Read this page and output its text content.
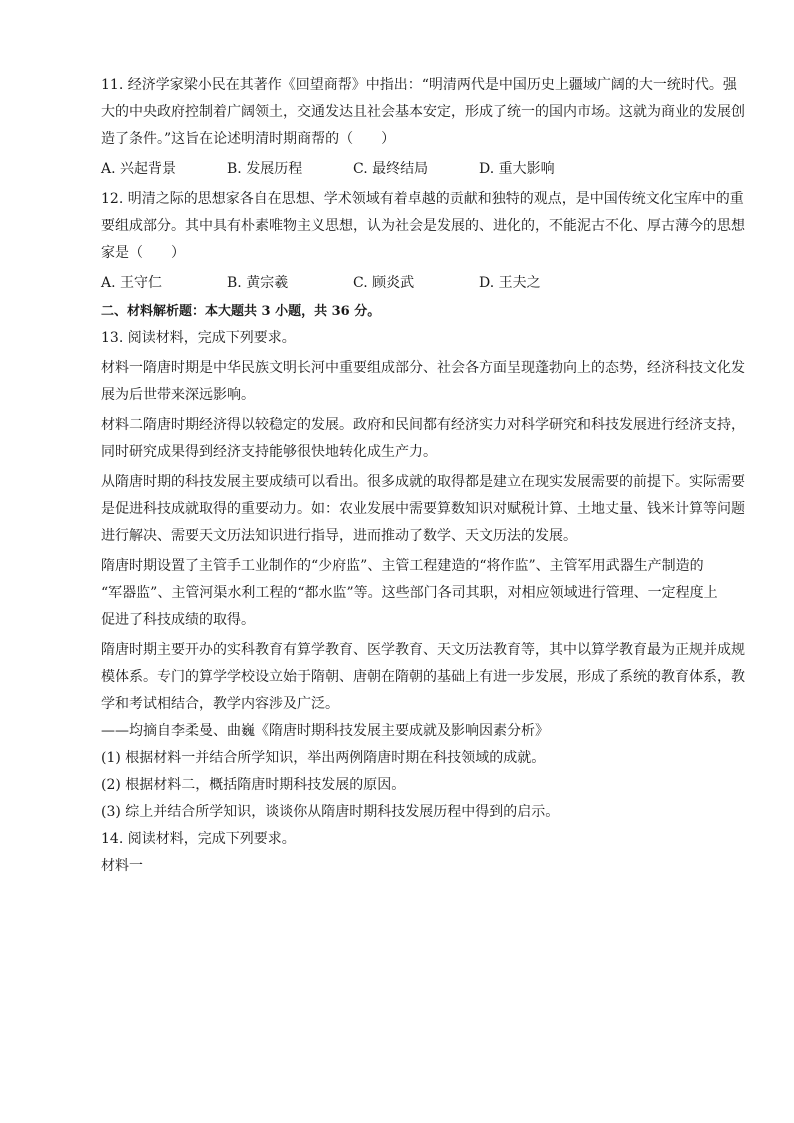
11. 经济学家梁小民在其著作《回望商帮》中指出：“明清两代是中国历史上疆域广阔的大一统时代。强
大的中央政府控制着广阔领土，交通发达且社会基本安定，形成了统一的国内市场。这就为商业的发展创
造了条件。”这旨在论述明清时期商帮的（　　）
A. 兴起背景	B. 发展历程	C. 最终结局	D. 重大影响
12. 明清之际的思想家各自在思想、学术领域有着卓越的贡献和独特的观点，是中国传统文化宝库中的重
要组成部分。其中具有朴素唯物主义思想，认为社会是发展的、进化的，不能泥古不化、厚古薄今的思想
家是（　　）
A. 王守仁	B. 黄宗羲	C. 顾炎武	D. 王夫之
二、材料解析题：本大题共 3 小题，共 36 分。
13. 阅读材料，完成下列要求。
材料一隋唐时期是中华民族文明长河中重要组成部分、社会各方面呈现蓬勃向上的态势，经济科技文化发
展为后世带来深远影响。
材料二隋唐时期经济得以较稳定的发展。政府和民间都有经济实力对科学研究和科技发展进行经济支持，
同时研究成果得到经济支持能够很快地转化成生产力。
从隋唐时期的科技发展主要成绩可以看出。很多成就的取得都是建立在现实发展需要的前提下。实际需要
是促进科技成就取得的重要动力。如：农业发展中需要算数知识对赋税计算、土地丈量、钱米计算等问题
进行解决、需要天文历法知识进行指导，进而推动了数学、天文历法的发展。
隋唐时期设置了主管手工业制作的“少府监”、主管工程建造的“将作监”、主管军用武器生产制造的
“军器监”、主管河渠水利工程的“都水监”等。这些部门各司其职，对相应领域进行管理、一定程度上
促进了科技成绩的取得。
隋唐时期主要开办的实科教育有算学教育、医学教育、天文历法教育等，其中以算学教育最为正规并成规
模体系。专门的算学学校设立始于隋朝、唐朝在隋朝的基础上有进一步发展，形成了系统的教育体系，教
学和考试相结合，教学内容涉及广泛。
——均摘自李柔曼、曲巍《隋唐时期科技发展主要成就及影响因素分析》
(1) 根据材料一并结合所学知识，举出两例隋唐时期在科技领域的成就。
(2) 根据材料二，概括隋唐时期科技发展的原因。
(3) 综上并结合所学知识，谈谈你从隋唐时期科技发展历程中得到的启示。
14. 阅读材料，完成下列要求。
材料一
